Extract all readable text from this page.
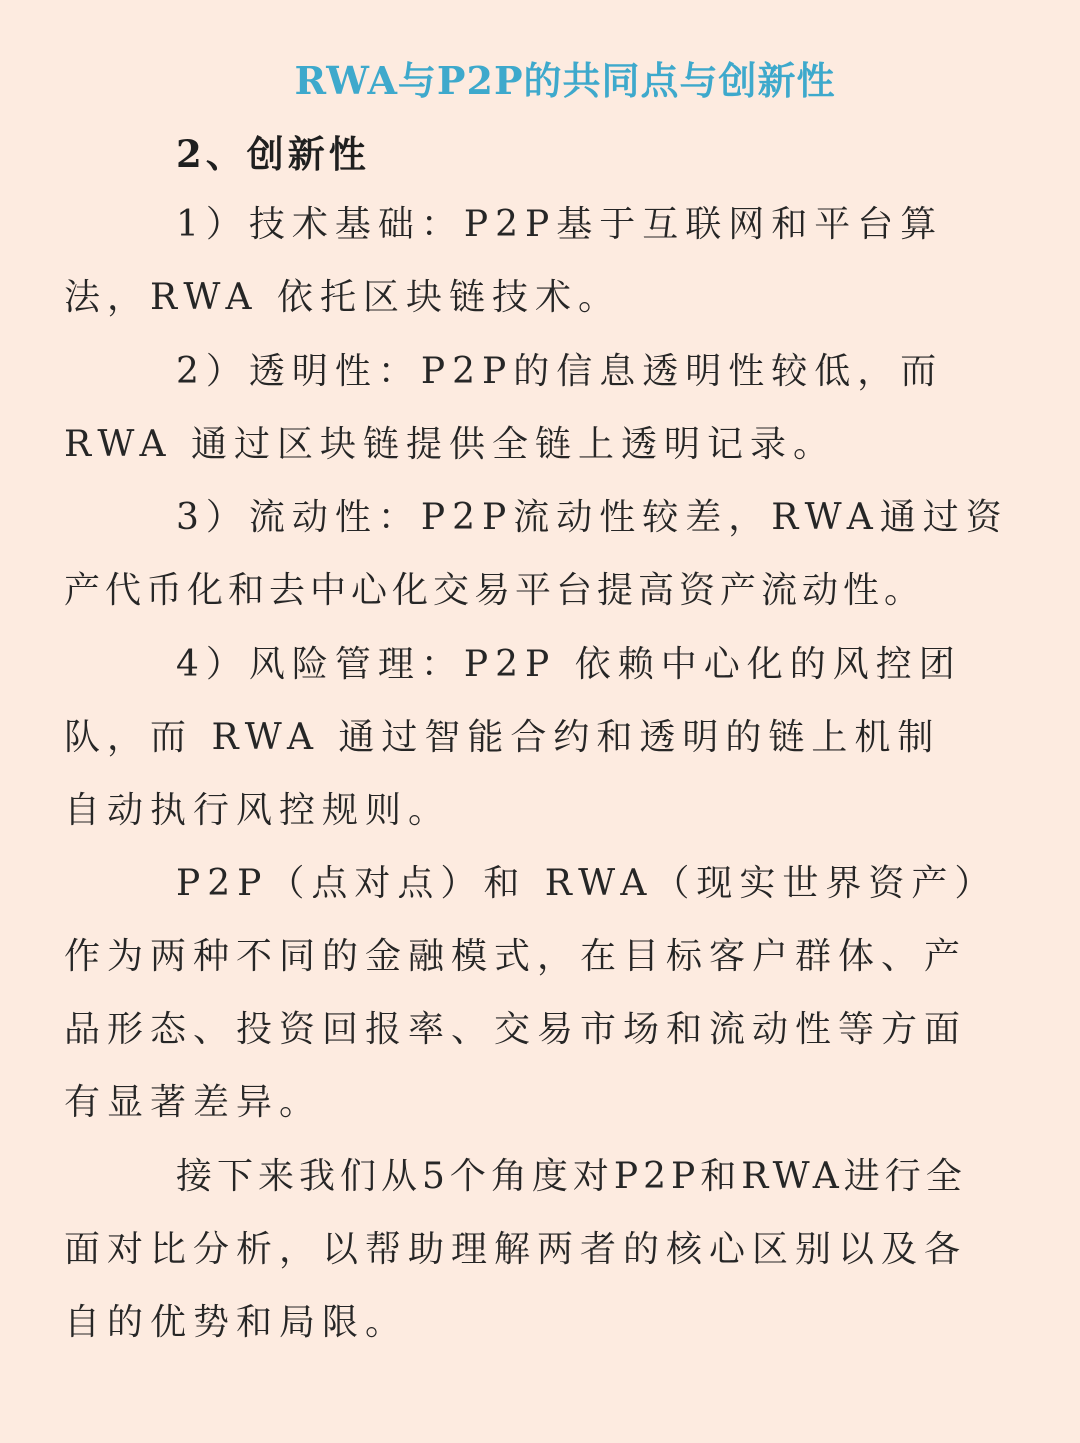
RWA与P2P的共同点与创新性
2、创新性
1）技术基础：P2P基于互联网和平台算
法，RWA 依托区块链技术。
2）透明性：P2P的信息透明性较低，而
RWA 通过区块链提供全链上透明记录。
3）流动性：P2P流动性较差，RWA通过资
产代币化和去中心化交易平台提高资产流动性。
4）风险管理：P2P 依赖中心化的风控团
队，而 RWA 通过智能合约和透明的链上机制
自动执行风控规则。
P2P（点对点）和 RWA（现实世界资产）
作为两种不同的金融模式，在目标客户群体、产
品形态、投资回报率、交易市场和流动性等方面
有显著差异。
接下来我们从5个角度对P2P和RWA进行全
面对比分析，以帮助理解两者的核心区别以及各
自的优势和局限。
